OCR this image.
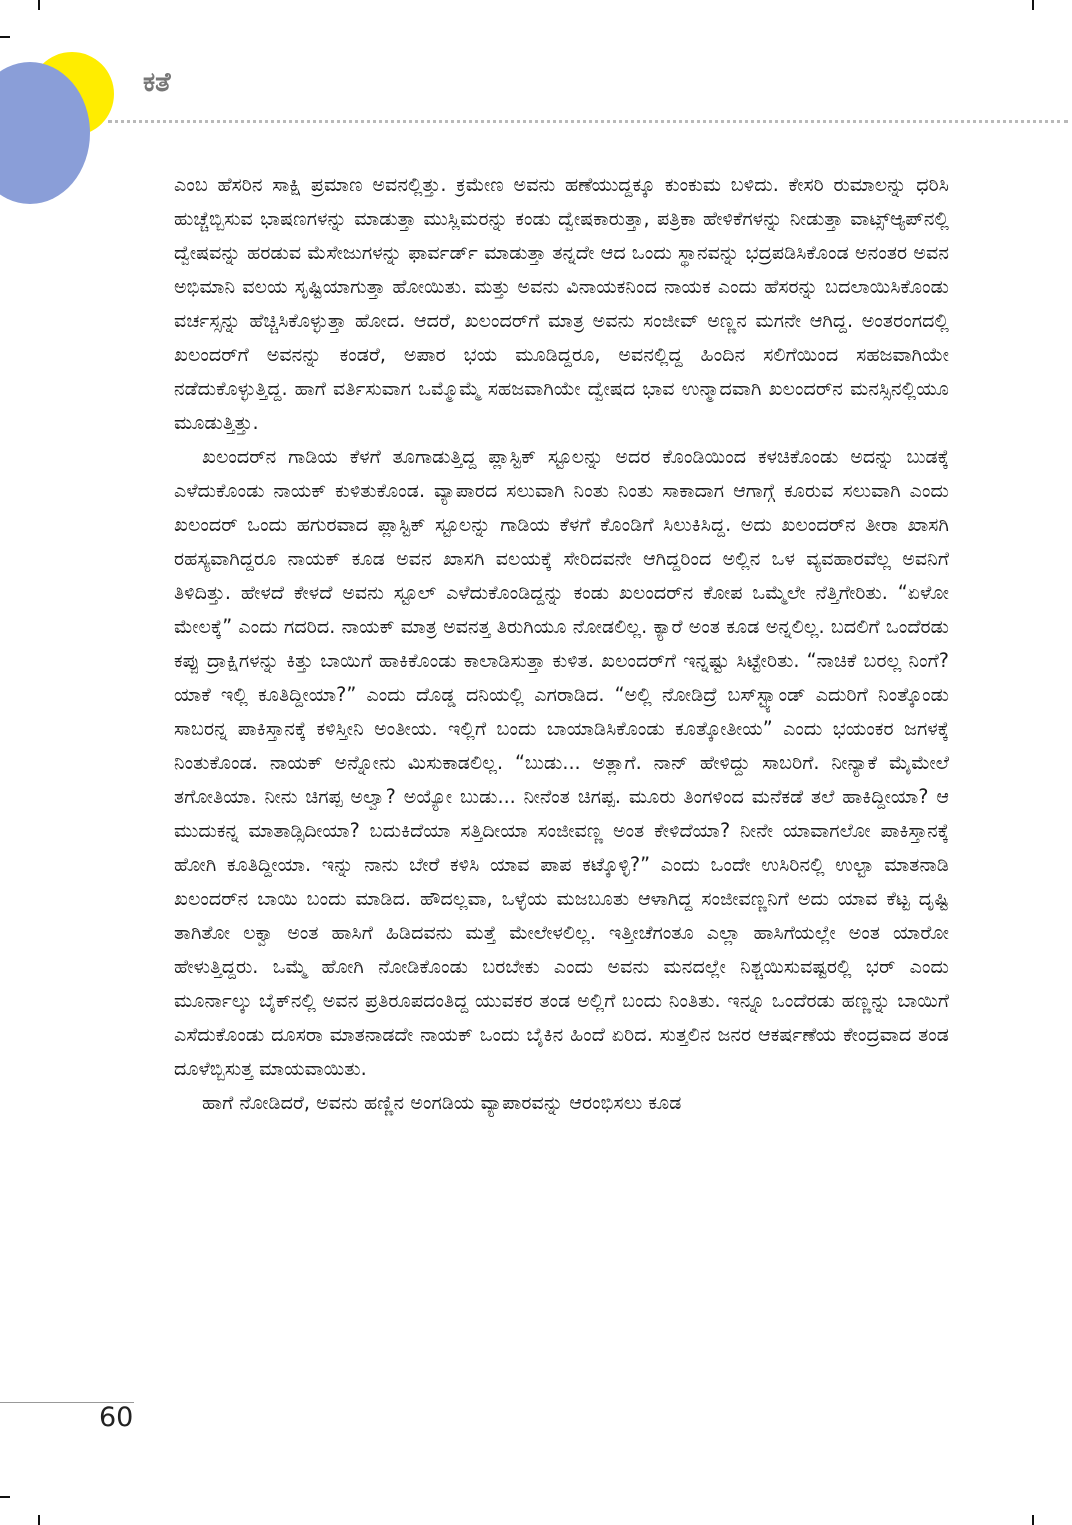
ಕತೆ

ಎಂಬ ಹೆಸರಿನ ಸಾಕ್ಷಿ ಪ್ರಮಾಣ ಅವನಲ್ಲಿತ್ತು. ಕ್ರಮೇಣ ಅವನು ಹಣೆಯುದ್ದಕ್ಕೂ ಕುಂಕುಮ ಬಳಿದು. ಕೇಸರಿ ರುಮಾಲನ್ನು ಧರಿಸಿ ಹುಚ್ಚೆಬ್ಬಿಸುವ ಭಾಷಣಗಳನ್ನು ಮಾಡುತ್ತಾ ಮುಸ್ಲಿಮರನ್ನು ಕಂಡು ದ್ವೇಷಕಾರುತ್ತಾ, ಪತ್ರಿಕಾ ಹೇಳಿಕೆಗಳನ್ನು ನೀಡುತ್ತಾ ವಾಟ್ಸ್‌ಆ್ಯಪ್‌ನಲ್ಲಿ ದ್ವೇಷವನ್ನು ಹರಡುವ ಮೆಸೇಜುಗಳನ್ನು ಫಾರ್ವರ್ಡ್ ಮಾಡುತ್ತಾ ತನ್ನದೇ ಆದ ಒಂದು ಸ್ಥಾನವನ್ನು ಭದ್ರಪಡಿಸಿಕೊಂಡ ಅನಂತರ ಅವನ ಅಭಿಮಾನಿ ವಲಯ ಸೃಷ್ಟಿಯಾಗುತ್ತಾ ಹೋಯಿತು. ಮತ್ತು ಅವನು ವಿನಾಯಕನಿಂದ ನಾಯಕ ಎಂದು ಹೆಸರನ್ನು ಬದಲಾಯಿಸಿಕೊಂಡು ವರ್ಚಸ್ಸನ್ನು ಹೆಚ್ಚಿಸಿಕೊಳ್ಳುತ್ತಾ ಹೋದ. ಆದರೆ, ಖಲಂದರ್‌ಗೆ ಮಾತ್ರ ಅವನು ಸಂಜೀವ್ ಅಣ್ಣನ ಮಗನೇ ಆಗಿದ್ದ. ಅಂತರಂಗದಲ್ಲಿ ಖಲಂದರ್‌ಗೆ ಅವನನ್ನು ಕಂಡರೆ, ಅಪಾರ ಭಯ ಮೂಡಿದ್ದರೂ, ಅವನಲ್ಲಿದ್ದ ಹಿಂದಿನ ಸಲಿಗೆಯಿಂದ ಸಹಜವಾಗಿಯೇ ನಡೆದುಕೊಳ್ಳುತ್ತಿದ್ದ. ಹಾಗೆ ವರ್ತಿಸುವಾಗ ಒಮ್ಮೊಮ್ಮೆ ಸಹಜವಾಗಿಯೇ ದ್ವೇಷದ ಭಾವ ಉನ್ಮಾದವಾಗಿ ಖಲಂದರ್‌ನ ಮನಸ್ಸಿನಲ್ಲಿಯೂ ಮೂಡುತ್ತಿತ್ತು.

ಖಲಂದರ್‌ನ ಗಾಡಿಯ ಕೆಳಗೆ ತೂಗಾಡುತ್ತಿದ್ದ ಪ್ಲಾಸ್ಟಿಕ್ ಸ್ಟೂಲನ್ನು ಅದರ ಕೊಂಡಿಯಿಂದ ಕಳಚಿಕೊಂಡು ಅದನ್ನು ಬುಡಕ್ಕೆ ಎಳೆದುಕೊಂಡು ನಾಯಕ್ ಕುಳಿತುಕೊಂಡ. ವ್ಯಾಪಾರದ ಸಲುವಾಗಿ ನಿಂತು ನಿಂತು ಸಾಕಾದಾಗ ಆಗಾಗ್ಗೆ ಕೂರುವ ಸಲುವಾಗಿ ಎಂದು ಖಲಂದರ್ ಒಂದು ಹಗುರವಾದ ಪ್ಲಾಸ್ಟಿಕ್ ಸ್ಟೂಲನ್ನು ಗಾಡಿಯ ಕೆಳಗೆ ಕೊಂಡಿಗೆ ಸಿಲುಕಿಸಿದ್ದ. ಅದು ಖಲಂದರ್‌ನ ತೀರಾ ಖಾಸಗಿ ರಹಸ್ಯವಾಗಿದ್ದರೂ ನಾಯಕ್ ಕೂಡ ಅವನ ಖಾಸಗಿ ವಲಯಕ್ಕೆ ಸೇರಿದವನೇ ಆಗಿದ್ದರಿಂದ ಅಲ್ಲಿನ ಒಳ ವ್ಯವಹಾರವೆಲ್ಲ ಅವನಿಗೆ ತಿಳಿದಿತ್ತು. ಹೇಳದೆ ಕೇಳದೆ ಅವನು ಸ್ಟೂಲ್ ಎಳೆದುಕೊಂಡಿದ್ದನ್ನು ಕಂಡು ಖಲಂದರ್‌ನ ಕೋಪ ಒಮ್ಮೆಲೇ ನೆತ್ತಿಗೇರಿತು. “ಏಳೋ ಮೇಲಕ್ಕೆ” ಎಂದು ಗದರಿದ. ನಾಯಕ್ ಮಾತ್ರ ಅವನತ್ತ ತಿರುಗಿಯೂ ನೋಡಲಿಲ್ಲ. ಕ್ಯಾರೆ ಅಂತ ಕೂಡ ಅನ್ನಲಿಲ್ಲ. ಬದಲಿಗೆ ಒಂದೆರಡು ಕಪ್ಪು ದ್ರಾಕ್ಷಿಗಳನ್ನು ಕಿತ್ತು ಬಾಯಿಗೆ ಹಾಕಿಕೊಂಡು ಕಾಲಾಡಿಸುತ್ತಾ ಕುಳಿತ. ಖಲಂದರ್‌ಗೆ ಇನ್ನಷ್ಟು ಸಿಟ್ಟೇರಿತು. “ನಾಚಿಕೆ ಬರಲ್ಲ ನಿಂಗೆ? ಯಾಕೆ ಇಲ್ಲಿ ಕೂತಿದ್ದೀಯಾ?” ಎಂದು ದೊಡ್ಡ ದನಿಯಲ್ಲಿ ಎಗರಾಡಿದ. “ಅಲ್ಲಿ ನೋಡಿದ್ರೆ ಬಸ್‌ಸ್ಟ್ಯಾಂಡ್ ಎದುರಿಗೆ ನಿಂತ್ಕೊಂಡು ಸಾಬರನ್ನ ಪಾಕಿಸ್ತಾನಕ್ಕೆ ಕಳಿಸ್ತೀನಿ ಅಂತೀಯ. ಇಲ್ಲಿಗೆ ಬಂದು ಬಾಯಾಡಿಸಿಕೊಂಡು ಕೂತ್ಕೋತೀಯ” ಎಂದು ಭಯಂಕರ ಜಗಳಕ್ಕೆ ನಿಂತುಕೊಂಡ. ನಾಯಕ್ ಅನ್ನೋನು ಮಿಸುಕಾಡಲಿಲ್ಲ. “ಬುಡು... ಅತ್ಲಾಗೆ. ನಾನ್ ಹೇಳಿದ್ದು ಸಾಬರಿಗೆ. ನೀನ್ಯಾಕೆ ಮೈಮೇಲೆ ತಗೋತಿಯಾ. ನೀನು ಚಿಗಪ್ಪ ಅಲ್ವಾ? ಅಯ್ಯೋ ಬುಡು... ನೀನೆಂತ ಚಿಗಪ್ಪ. ಮೂರು ತಿಂಗಳಿಂದ ಮನೆಕಡೆ ತಲೆ ಹಾಕಿದ್ದೀಯಾ? ಆ ಮುದುಕನ್ನ ಮಾತಾಡ್ಸಿದೀಯಾ? ಬದುಕಿದೆಯಾ ಸತ್ತಿದೀಯಾ ಸಂಜೀವಣ್ಣ ಅಂತ ಕೇಳಿದೆಯಾ? ನೀನೇ ಯಾವಾಗಲೋ ಪಾಕಿಸ್ತಾನಕ್ಕೆ ಹೋಗಿ ಕೂತಿದ್ದೀಯಾ. ಇನ್ನು ನಾನು ಬೇರೆ ಕಳಿಸಿ ಯಾವ ಪಾಪ ಕಟ್ಕೊಳ್ಳಿ?” ಎಂದು ಒಂದೇ ಉಸಿರಿನಲ್ಲಿ ಉಲ್ಟಾ ಮಾತನಾಡಿ ಖಲಂದರ್‌ನ ಬಾಯಿ ಬಂದು ಮಾಡಿದ. ಹೌದಲ್ಲವಾ, ಒಳ್ಳೆಯ ಮಜಬೂತು ಆಳಾಗಿದ್ದ ಸಂಜೀವಣ್ಣನಿಗೆ ಅದು ಯಾವ ಕೆಟ್ಟ ದೃಷ್ಟಿ ತಾಗಿತೋ ಲಕ್ವಾ ಅಂತ ಹಾಸಿಗೆ ಹಿಡಿದವನು ಮತ್ತೆ ಮೇಲೇಳಲಿಲ್ಲ. ಇತ್ತೀಚೆಗಂತೂ ಎಲ್ಲಾ ಹಾಸಿಗೆಯಲ್ಲೇ ಅಂತ ಯಾರೋ ಹೇಳುತ್ತಿದ್ದರು. ಒಮ್ಮೆ ಹೋಗಿ ನೋಡಿಕೊಂಡು ಬರಬೇಕು ಎಂದು ಅವನು ಮನದಲ್ಲೇ ನಿಶ್ಚಯಿಸುವಷ್ಟರಲ್ಲಿ ಭರ್‌ ಎಂದು ಮೂರ್ನಾಲ್ಕು ಬೈಕ್‌ನಲ್ಲಿ ಅವನ ಪ್ರತಿರೂಪದಂತಿದ್ದ ಯುವಕರ ತಂಡ ಅಲ್ಲಿಗೆ ಬಂದು ನಿಂತಿತು. ಇನ್ನೂ ಒಂದೆರಡು ಹಣ್ಣನ್ನು ಬಾಯಿಗೆ ಎಸೆದುಕೊಂಡು ದೂಸರಾ ಮಾತನಾಡದೇ ನಾಯಕ್ ಒಂದು ಬೈಕಿನ ಹಿಂದೆ ಏರಿದ. ಸುತ್ತಲಿನ ಜನರ ಆಕರ್ಷಣೆಯ ಕೇಂದ್ರವಾದ ತಂಡ ದೂಳೆಬ್ಬಿಸುತ್ತ ಮಾಯವಾಯಿತು.

ಹಾಗೆ ನೋಡಿದರೆ, ಅವನು ಹಣ್ಣಿನ ಅಂಗಡಿಯ ವ್ಯಾಪಾರವನ್ನು ಆರಂಭಿಸಲು ಕೂಡ

60
